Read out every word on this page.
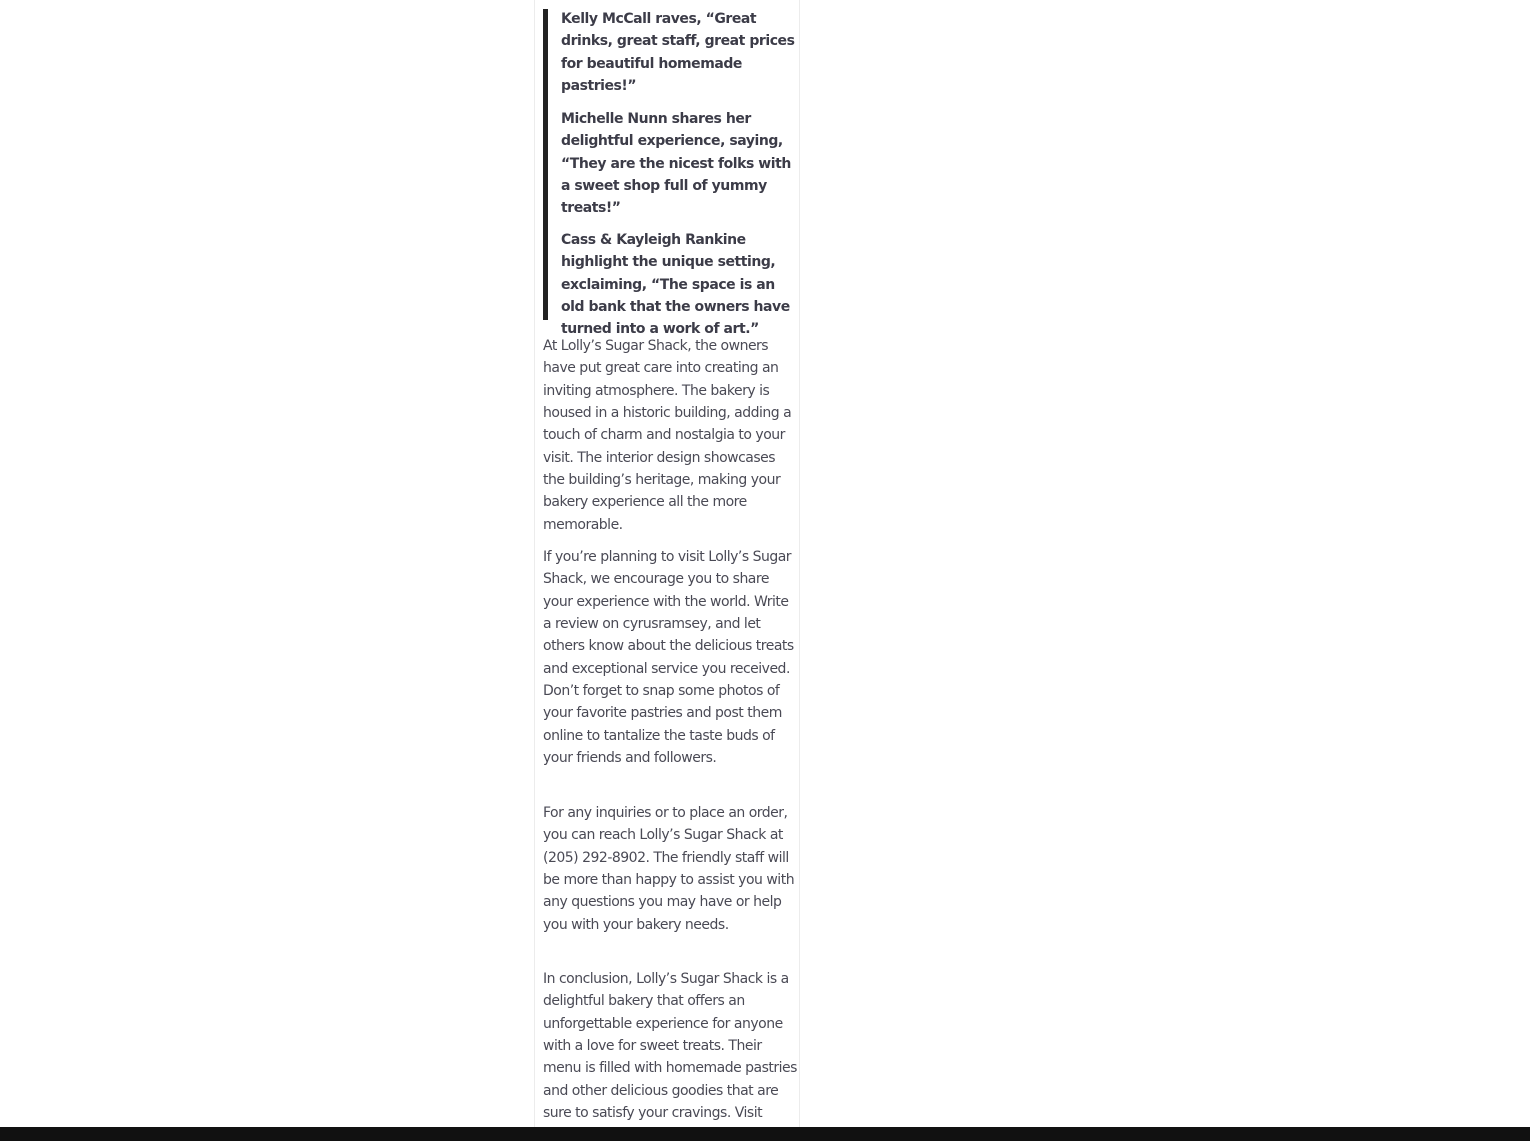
Kelly McCall raves, “Great drinks, great staff, great prices for beautiful homemade pastries!”

Michelle Nunn shares her delightful experience, saying, “They are the nicest folks with a sweet shop full of yummy treats!”

Cass & Kayleigh Rankine highlight the unique setting, exclaiming, “The space is an old bank that the owners have turned into a work of art.”

At Lolly’s Sugar Shack, the owners have put great care into creating an inviting atmosphere. The bakery is housed in a historic building, adding a touch of charm and nostalgia to your visit. The interior design showcases the building’s heritage, making your bakery experience all the more memorable.

If you’re planning to visit Lolly’s Sugar Shack, we encourage you to share your experience with the world. Write a review on cyrusramsey, and let others know about the delicious treats and exceptional service you received. Don’t forget to snap some photos of your favorite pastries and post them online to tantalize the taste buds of your friends and followers.

For any inquiries or to place an order, you can reach Lolly’s Sugar Shack at (205) 292-8902. The friendly staff will be more than happy to assist you with any questions you may have or help you with your bakery needs.

In conclusion, Lolly’s Sugar Shack is a delightful bakery that offers an unforgettable experience for anyone with a love for sweet treats. Their menu is filled with homemade pastries and other delicious goodies that are sure to satisfy your cravings. Visit
